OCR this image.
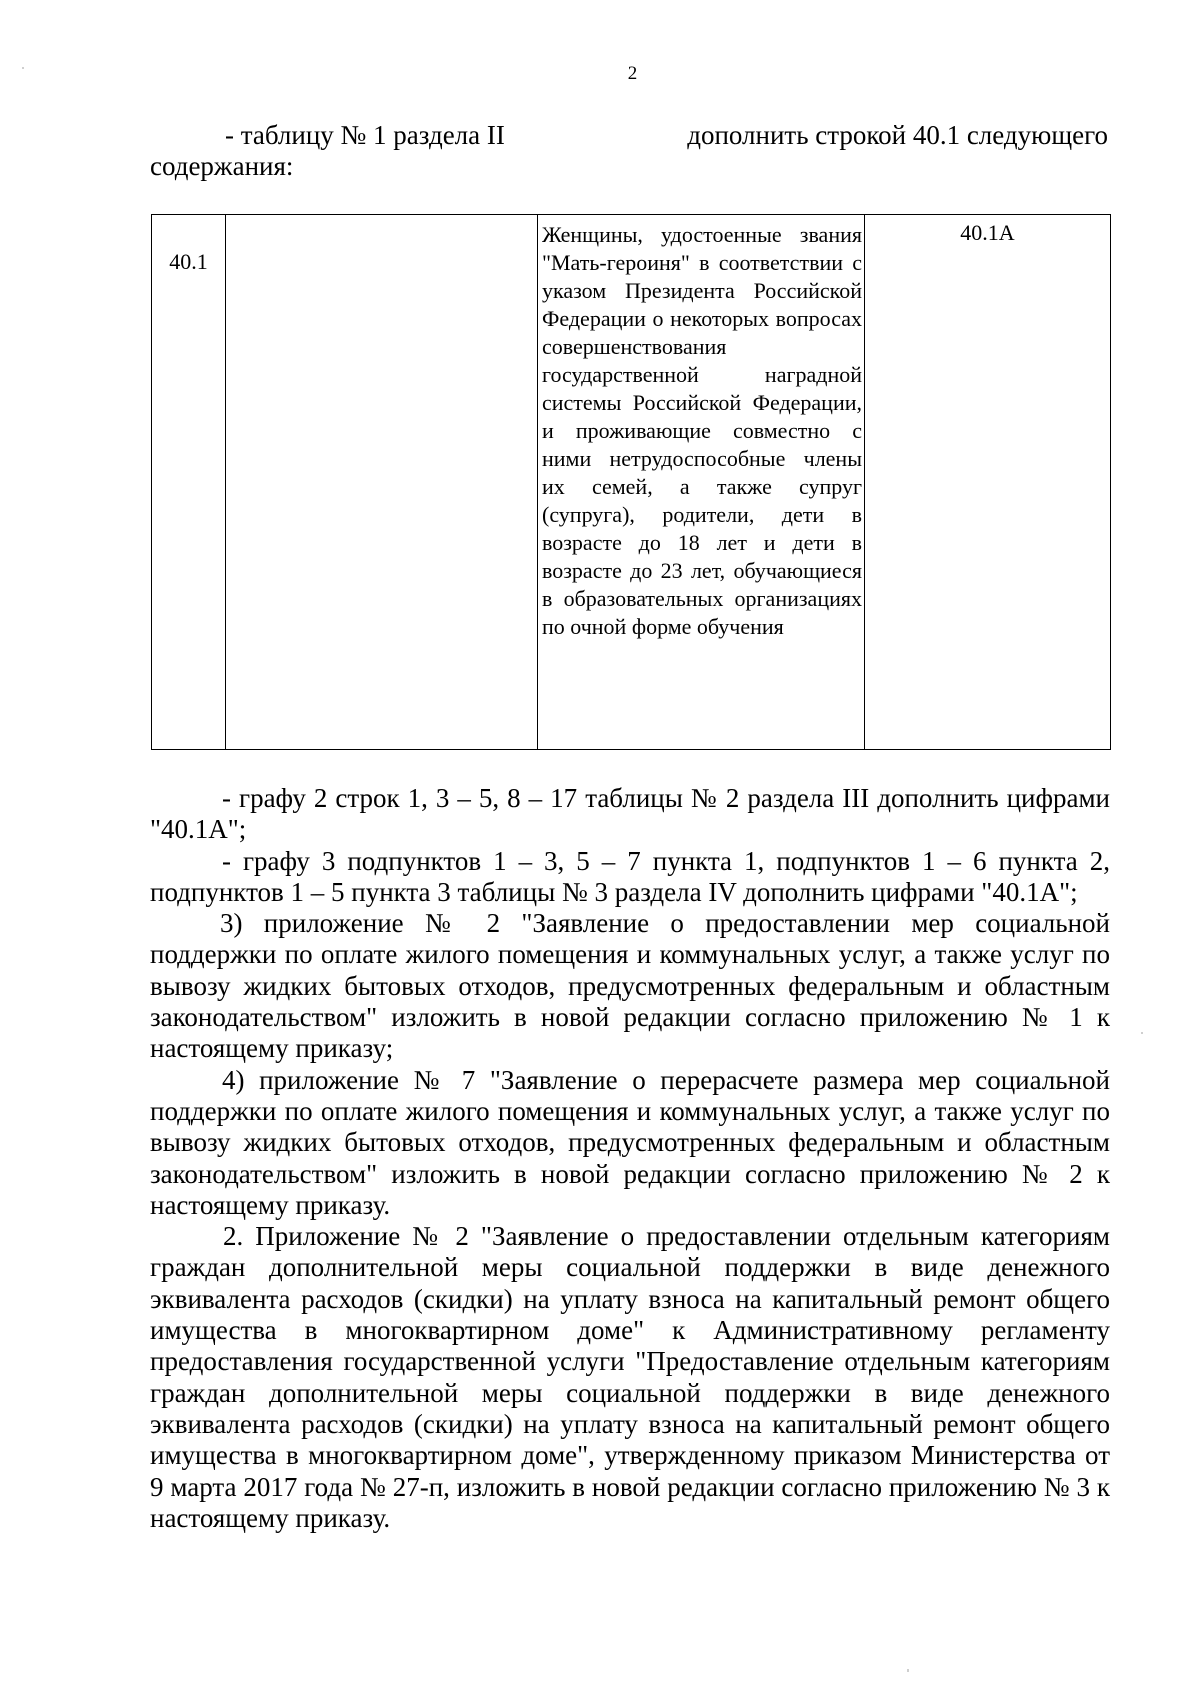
2
- таблицу № 1 раздела II	дополнить строкой 40.1 следующего
содержания:
40.1		Женщины, удостоенные звания "Мать-героиня" в соответствии с указом Президента Российской Федерации о некоторых вопросах совершенствования государственной наградной системы Российской Федерации, и проживающие совместно с ними нетрудоспособные члены их семей, а также супруг (супруга), родители, дети в возрасте до 18 лет и дети в возрасте до 23 лет, обучающиеся в образовательных организациях по очной форме обучения	40.1А

- графу 2 строк 1, 3 – 5, 8 – 17 таблицы № 2 раздела III дополнить цифрами "40.1А";

- графу 3 подпунктов 1 – 3, 5 – 7 пункта 1, подпунктов 1 – 6 пункта 2, подпунктов 1 – 5 пункта 3 таблицы № 3 раздела IV дополнить цифрами "40.1А";

3) приложение № 2 "Заявление о предоставлении мер социальной поддержки по оплате жилого помещения и коммунальных услуг, а также услуг по вывозу жидких бытовых отходов, предусмотренных федеральным и областным законодательством" изложить в новой редакции согласно приложению № 1 к настоящему приказу;

4) приложение № 7 "Заявление о перерасчете размера мер социальной поддержки по оплате жилого помещения и коммунальных услуг, а также услуг по вывозу жидких бытовых отходов, предусмотренных федеральным и областным законодательством" изложить в новой редакции согласно приложению № 2 к настоящему приказу.

2. Приложение № 2 "Заявление о предоставлении отдельным категориям граждан дополнительной меры социальной поддержки в виде денежного эквивалента расходов (скидки) на уплату взноса на капитальный ремонт общего имущества в многоквартирном доме" к Административному регламенту предоставления государственной услуги "Предоставление отдельным категориям граждан дополнительной меры социальной поддержки в виде денежного эквивалента расходов (скидки) на уплату взноса на капитальный ремонт общего имущества в многоквартирном доме", утвержденному приказом Министерства от 9 марта 2017 года № 27-п, изложить в новой редакции согласно приложению № 3 к настоящему приказу.
